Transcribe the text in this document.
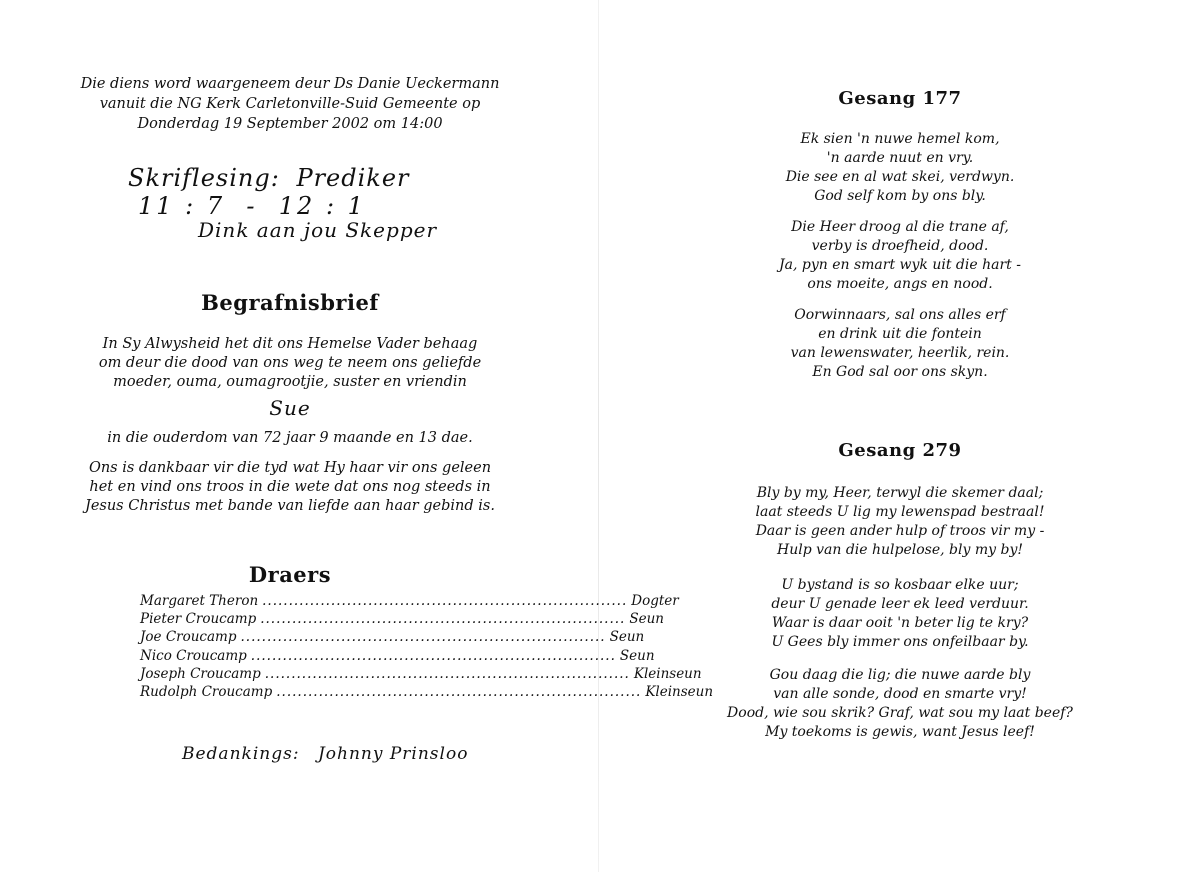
Die diens word waargeneem deur Ds Danie Ueckermann
vanuit die NG Kerk Carletonville-Suid Gemeente op
Donderdag 19 September 2002 om 14:00
Skriflesing: Prediker 11 : 7  -  12 : 1
Dink aan jou Skepper
Begrafnisbrief
In Sy Alwysheid het dit ons Hemelse Vader behaag
om deur die dood van ons weg te neem ons geliefde
moeder, ouma, oumagrootjie, suster en vriendin
Sue
in die ouderdom van 72 jaar 9 maande en 13 dae.
Ons is dankbaar vir die tyd wat Hy haar vir ons geleen
het en vind ons troos in die wete dat ons nog steeds in
Jesus Christus met bande van liefde aan haar gebind is.
Draers
Margaret Theron ..................................................................... Dogter
Pieter Croucamp ..................................................................... Seun
Joe Croucamp ..................................................................... Seun
Nico Croucamp ..................................................................... Seun
Joseph Croucamp ..................................................................... Kleinseun
Rudolph Croucamp ..................................................................... Kleinseun
Bedankings: Johnny Prinsloo
Gesang 177
Ek sien 'n nuwe hemel kom,
'n aarde nuut en vry.
Die see en al wat skei, verdwyn.
God self kom by ons bly.
Die Heer droog al die trane af,
verby is droefheid, dood.
Ja, pyn en smart wyk uit die hart -
ons moeite, angs en nood.
Oorwinnaars, sal ons alles erf
en drink uit die fontein
van lewenswater, heerlik, rein.
En God sal oor ons skyn.
Gesang 279
Bly by my, Heer, terwyl die skemer daal;
laat steeds U lig my lewenspad bestraal!
Daar is geen ander hulp of troos vir my -
Hulp van die hulpelose, bly my by!
U bystand is so kosbaar elke uur;
deur U genade leer ek leed verduur.
Waar is daar ooit 'n beter lig te kry?
U Gees bly immer ons onfeilbaar by.
Gou daag die lig; die nuwe aarde bly
van alle sonde, dood en smarte vry!
Dood, wie sou skrik? Graf, wat sou my laat beef?
My toekoms is gewis, want Jesus leef!
